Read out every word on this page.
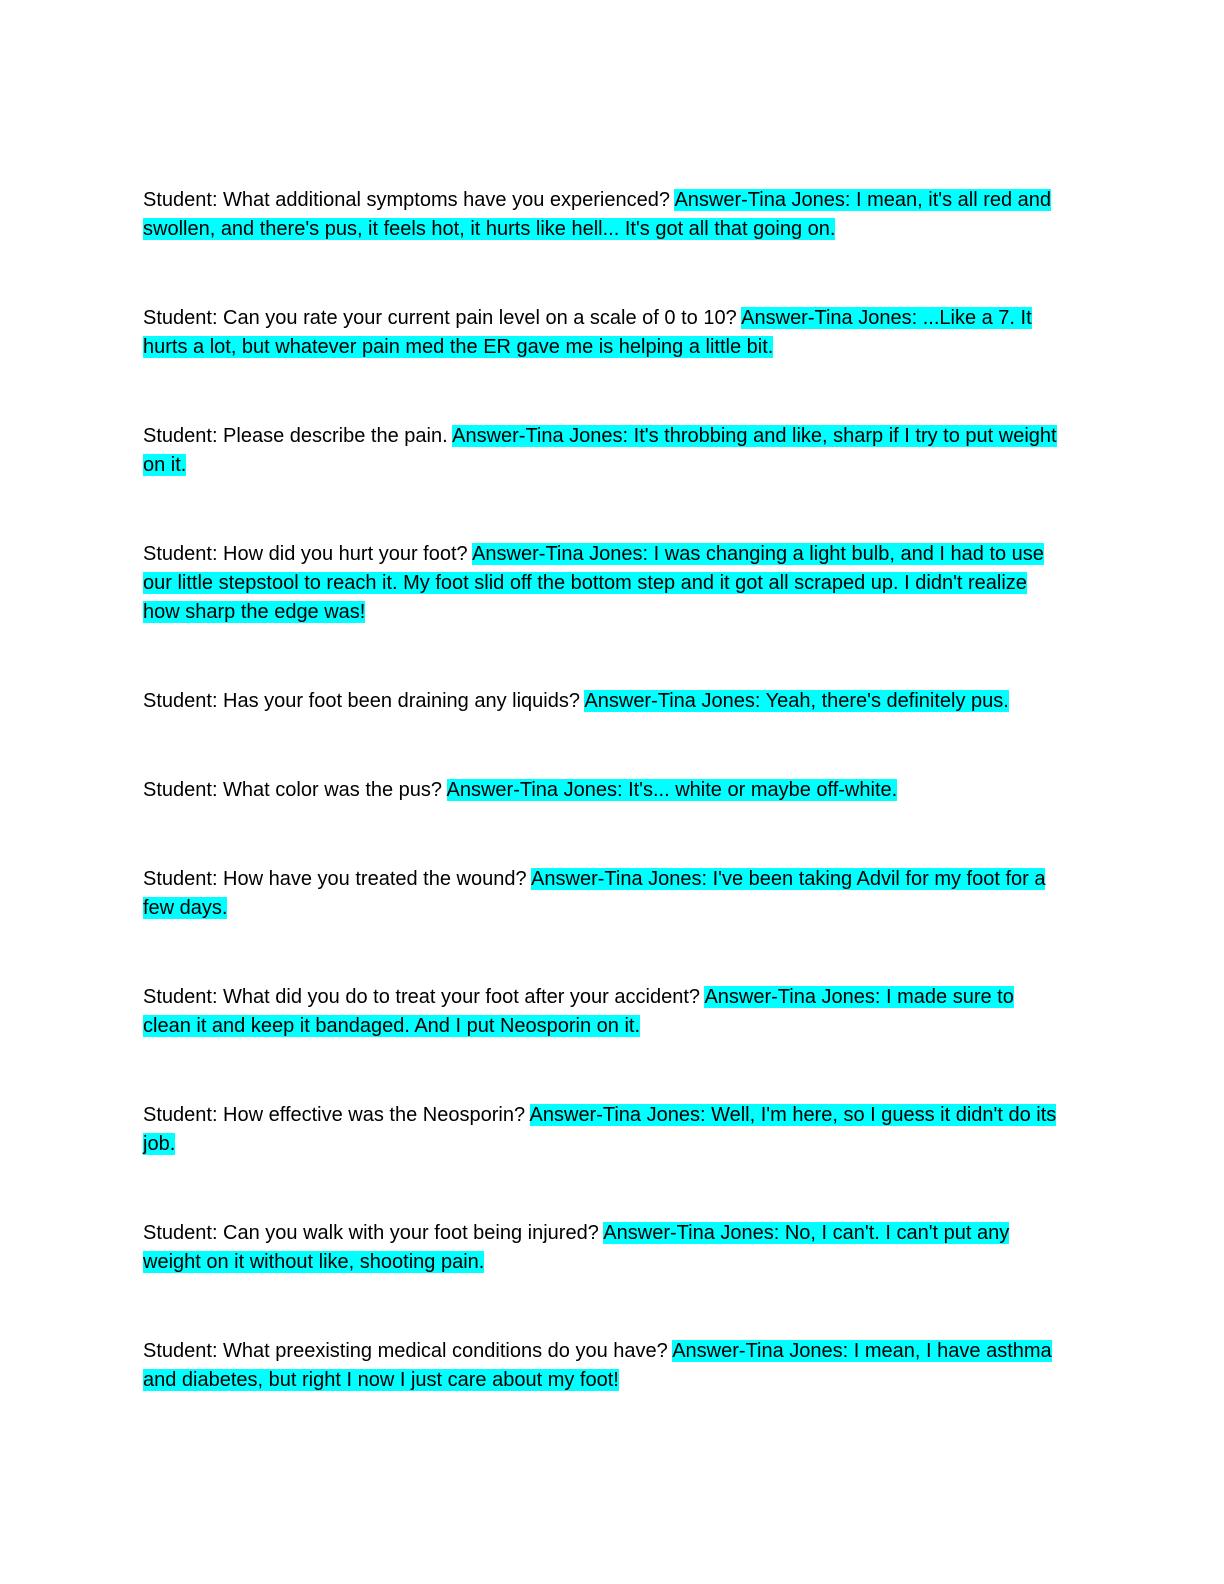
Student: What additional symptoms have you experienced? Answer-Tina Jones: I mean, it's all red and swollen, and there's pus, it feels hot, it hurts like hell... It's got all that going on.

Student: Can you rate your current pain level on a scale of 0 to 10? Answer-Tina Jones: ...Like a 7. It hurts a lot, but whatever pain med the ER gave me is helping a little bit.

Student: Please describe the pain. Answer-Tina Jones: It's throbbing and like, sharp if I try to put weight on it.

Student: How did you hurt your foot? Answer-Tina Jones: I was changing a light bulb, and I had to use our little stepstool to reach it. My foot slid off the bottom step and it got all scraped up. I didn't realize how sharp the edge was!

Student: Has your foot been draining any liquids? Answer-Tina Jones: Yeah, there's definitely pus.

Student: What color was the pus? Answer-Tina Jones: It's... white or maybe off-white.

Student: How have you treated the wound? Answer-Tina Jones: I've been taking Advil for my foot for a few days.

Student: What did you do to treat your foot after your accident? Answer-Tina Jones: I made sure to clean it and keep it bandaged. And I put Neosporin on it.

Student: How effective was the Neosporin? Answer-Tina Jones: Well, I'm here, so I guess it didn't do its job.

Student: Can you walk with your foot being injured? Answer-Tina Jones: No, I can't. I can't put any weight on it without like, shooting pain.

Student: What preexisting medical conditions do you have? Answer-Tina Jones: I mean, I have asthma and diabetes, but right I now I just care about my foot!
